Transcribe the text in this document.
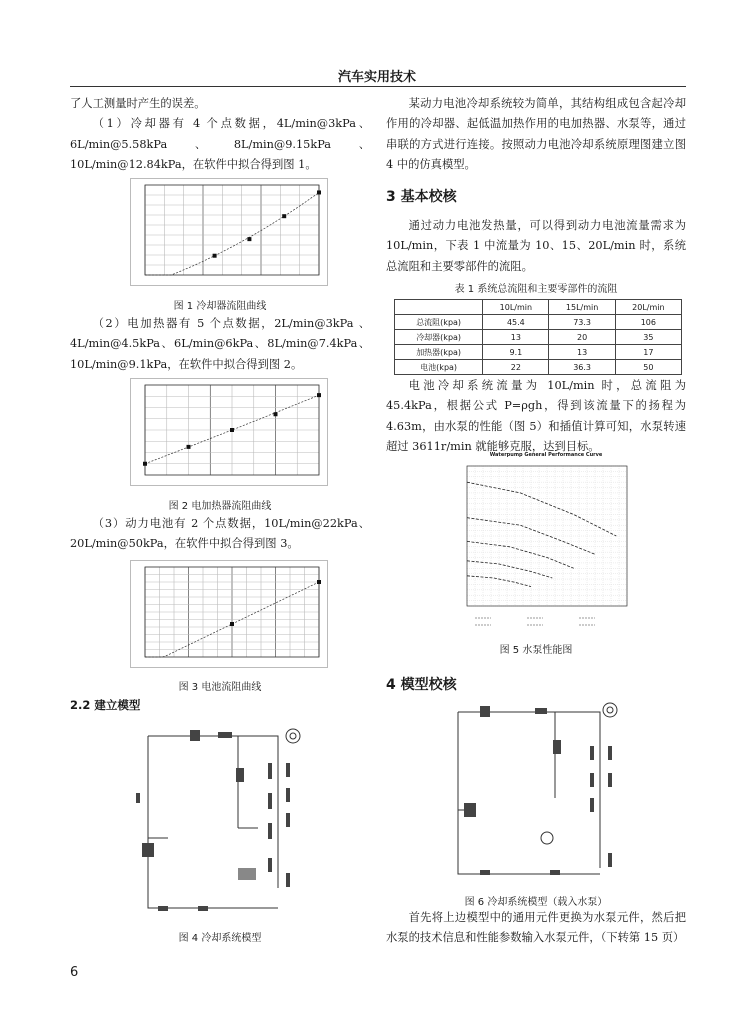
汽车实用技术

了人工测量时产生的误差。

（1）冷却器有 4 个点数据，4L/min@3kPa、6L/min@5.58kPa、8L/min@9.15kPa、10L/min@12.84kPa，在软件中拟合得到图 1。

图 1 冷却器流阻曲线

（2）电加热器有 5 个点数据，2L/min@3kPa 、4L/min@4.5kPa、6L/min@6kPa、8L/min@7.4kPa、10L/min@9.1kPa，在软件中拟合得到图 2。

图 2 电加热器流阻曲线

（3）动力电池有 2 个点数据，10L/min@22kPa、20L/min@50kPa，在软件中拟合得到图 3。

图 3 电池流阻曲线
2.2 建立模型
图 4 冷却系统模型

某动力电池冷却系统较为简单，其结构组成包含起冷却作用的冷却器、起低温加热作用的电加热器、水泵等，通过串联的方式进行连接。按照动力电池冷却系统原理图建立图 4 中的仿真模型。

3 基本校核

通过动力电池发热量，可以得到动力电池流量需求为 10L/min，下表 1 中流量为 10、15、20L/min 时，系统总流阻和主要零部件的流阻。

表 1 系统总流阻和主要零部件的流阻
	10L/min	15L/min	20L/min
总流阻(kpa)	45.4	73.3	106
冷却器(kpa)	13	20	35
加热器(kpa)	9.1	13	17
电池(kpa)	22	36.3	50

电池冷却系统流量为 10L/min 时，总流阻为 45.4kPa，根据公式 P=ρgh，得到该流量下的扬程为 4.63m，由水泵的性能（图 5）和插值计算可知，水泵转速超过 3611r/min 就能够克服，达到目标。

Waterpump General Performance Curve
图 5 水泵性能图
4 模型校核
图 6 冷却系统模型（载入水泵）

首先将上边模型中的通用元件更换为水泵元件，然后把水泵的技术信息和性能参数输入水泵元件，（下转第 15 页）

6
